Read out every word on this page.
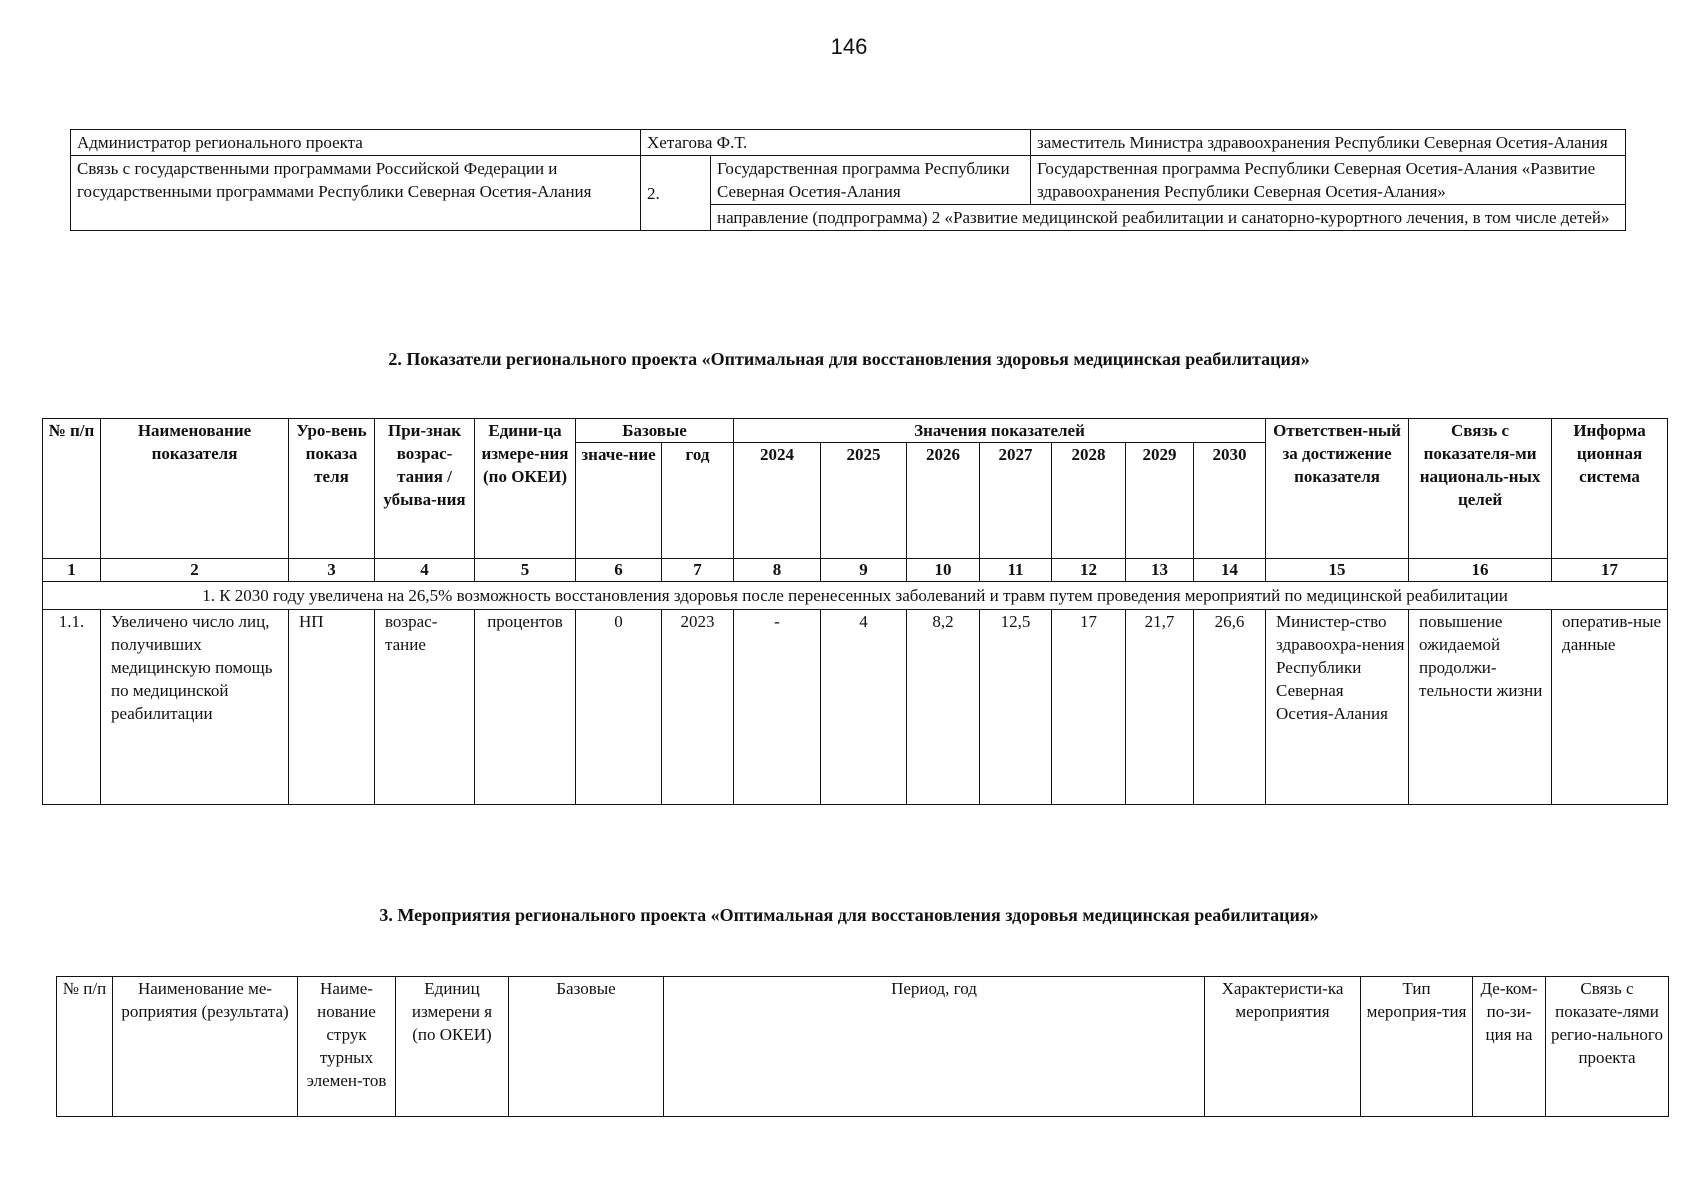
146
Администратор регионального проекта	Хетагова Ф.Т.		заместитель Министра здравоохранения Республики Северная Осетия-Алания
Связь с государственными программами Российской Федерации и государственными программами Республики Северная Осетия-Алания	2.	Государственная программа Республики Северная Осетия-Алания	Государственная программа Республики Северная Осетия-Алания «Развитие здравоохранения Республики Северная Осетия-Алания»
		направление (подпрограмма) 2 «Развитие медицинской реабилитации и санаторно-курортного лечения, в том числе детей»	
2. Показатели регионального проекта «Оптимальная для восстановления здоровья медицинская реабилитация»
№ п/п	Наименование показателя	Уро-вень показа теля	При-знак возрас-тания / убыва-ния	Едини-ца измере-ния (по ОКЕИ)	Базовые		Значения показателей							Ответствен-ный за достижение показателя	Связь с показателя-ми националь-ных целей	Информа ционная система
					значе-ние	год	2024	2025	2026	2027	2028	2029	2030			
1	2	3	4	5	6	7	8	9	10	11	12	13	14	15	16	17
1. К 2030 году увеличена на 26,5% возможность восстановления здоровья после перенесенных заболеваний и травм путем проведения мероприятий по медицинской реабилитации																
1.1.	Увеличено число лиц, получивших медицинскую помощь по медицинской реабилитации	НП	возрас-тание	процентов	0	2023	-	4	8,2	12,5	17	21,7	26,6	Министер-ство здравоохра-нения Республики Северная Осетия-Алания	повышение ожидаемой продолжи-тельности жизни	оператив-ные данные
3. Мероприятия регионального проекта «Оптимальная для восстановления здоровья медицинская реабилитация»
№ п/п	Наименование ме-роприятия (результата)	Наиме-нование струк турных элемен-тов	Единиц измерени я (по ОКЕИ)	Базовые	Период, год	Характеристи-ка мероприятия	Тип мероприя-тия	Де-ком-по-зи-ция на	Связь с показате-лями регио-нального проекта
